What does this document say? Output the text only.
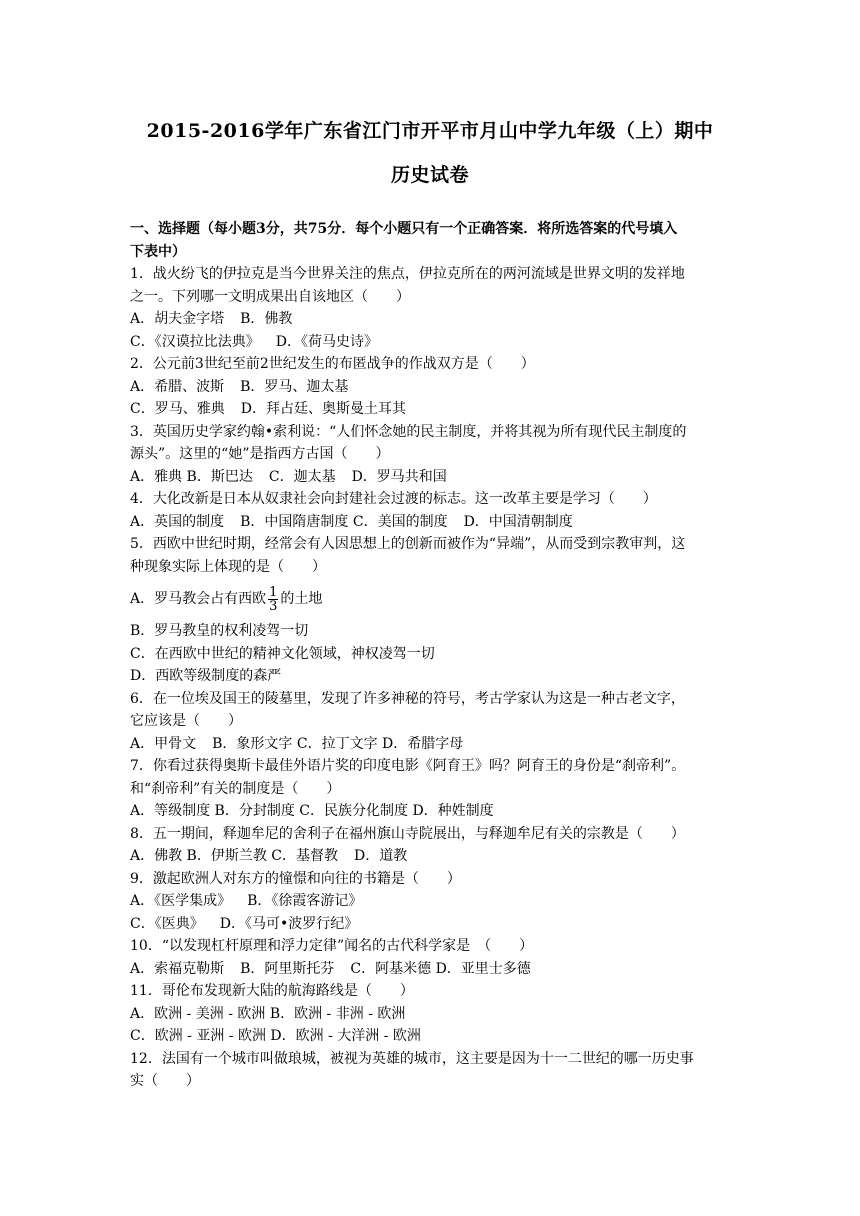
2015-2016学年广东省江门市开平市月山中学九年级（上）期中
历史试卷
一、选择题（每小题3分，共75分．每个小题只有一个正确答案．将所选答案的代号填入
下表中）
1．战火纷飞的伊拉克是当今世界关注的焦点，伊拉克所在的两河流域是世界文明的发祥地
之一。下列哪一文明成果出自该地区（　　）
A．胡夫金字塔 B．佛教
C．《汉谟拉比法典》 D．《荷马史诗》
2．公元前3世纪至前2世纪发生的布匿战争的作战双方是（　　）
A．希腊、波斯 B．罗马、迦太基
C．罗马、雅典 D．拜占廷、奥斯曼土耳其
3．英国历史学家约翰•索利说：“人们怀念她的民主制度，并将其视为所有现代民主制度的
源头”。这里的“她”是指西方古国（　　）
A．雅典 B．斯巴达 C．迦太基 D．罗马共和国
4．大化改新是日本从奴隶社会向封建社会过渡的标志。这一改革主要是学习（　　）
A．英国的制度 B．中国隋唐制度 C．美国的制度 D．中国清朝制度
5．西欧中世纪时期，经常会有人因思想上的创新而被作为“异端”，从而受到宗教审判，这
种现象实际上体现的是（　　）
A．罗马教会占有西欧 $\frac{1}{3}$ 的土地
B．罗马教皇的权利凌驾一切
C．在西欧中世纪的精神文化领域，神权凌驾一切
D．西欧等级制度的森严
6．在一位埃及国王的陵墓里，发现了许多神秘的符号，考古学家认为这是一种古老文字，
它应该是（　　）
A．甲骨文 B．象形文字 C．拉丁文字 D．希腊字母
7．你看过获得奥斯卡最佳外语片奖的印度电影《阿育王》吗？阿育王的身份是“刹帝利”。
和“刹帝利”有关的制度是（　　）
A．等级制度 B．分封制度 C．民族分化制度 D．种姓制度
8．五一期间，释迦牟尼的舍利子在福州旗山寺院展出，与释迦牟尼有关的宗教是（　　）
A．佛教 B．伊斯兰教 C．基督教 D．道教
9．激起欧洲人对东方的憧憬和向往的书籍是（　　）
A．《医学集成》 B．《徐霞客游记》
C．《医典》 D．《马可•波罗行纪》
10．“以发现杠杆原理和浮力定律”闻名的古代科学家是　（　　）
A．索福克勒斯 B．阿里斯托芬 C．阿基米德 D．亚里士多德
11．哥伦布发现新大陆的航海路线是（　　）
A．欧洲 - 美洲 - 欧洲 B．欧洲 - 非洲 - 欧洲
C．欧洲 - 亚洲 - 欧洲 D．欧洲 - 大洋洲 - 欧洲
12．法国有一个城市叫做琅城，被视为英雄的城市，这主要是因为十一二世纪的哪一历史事
实（　　）
